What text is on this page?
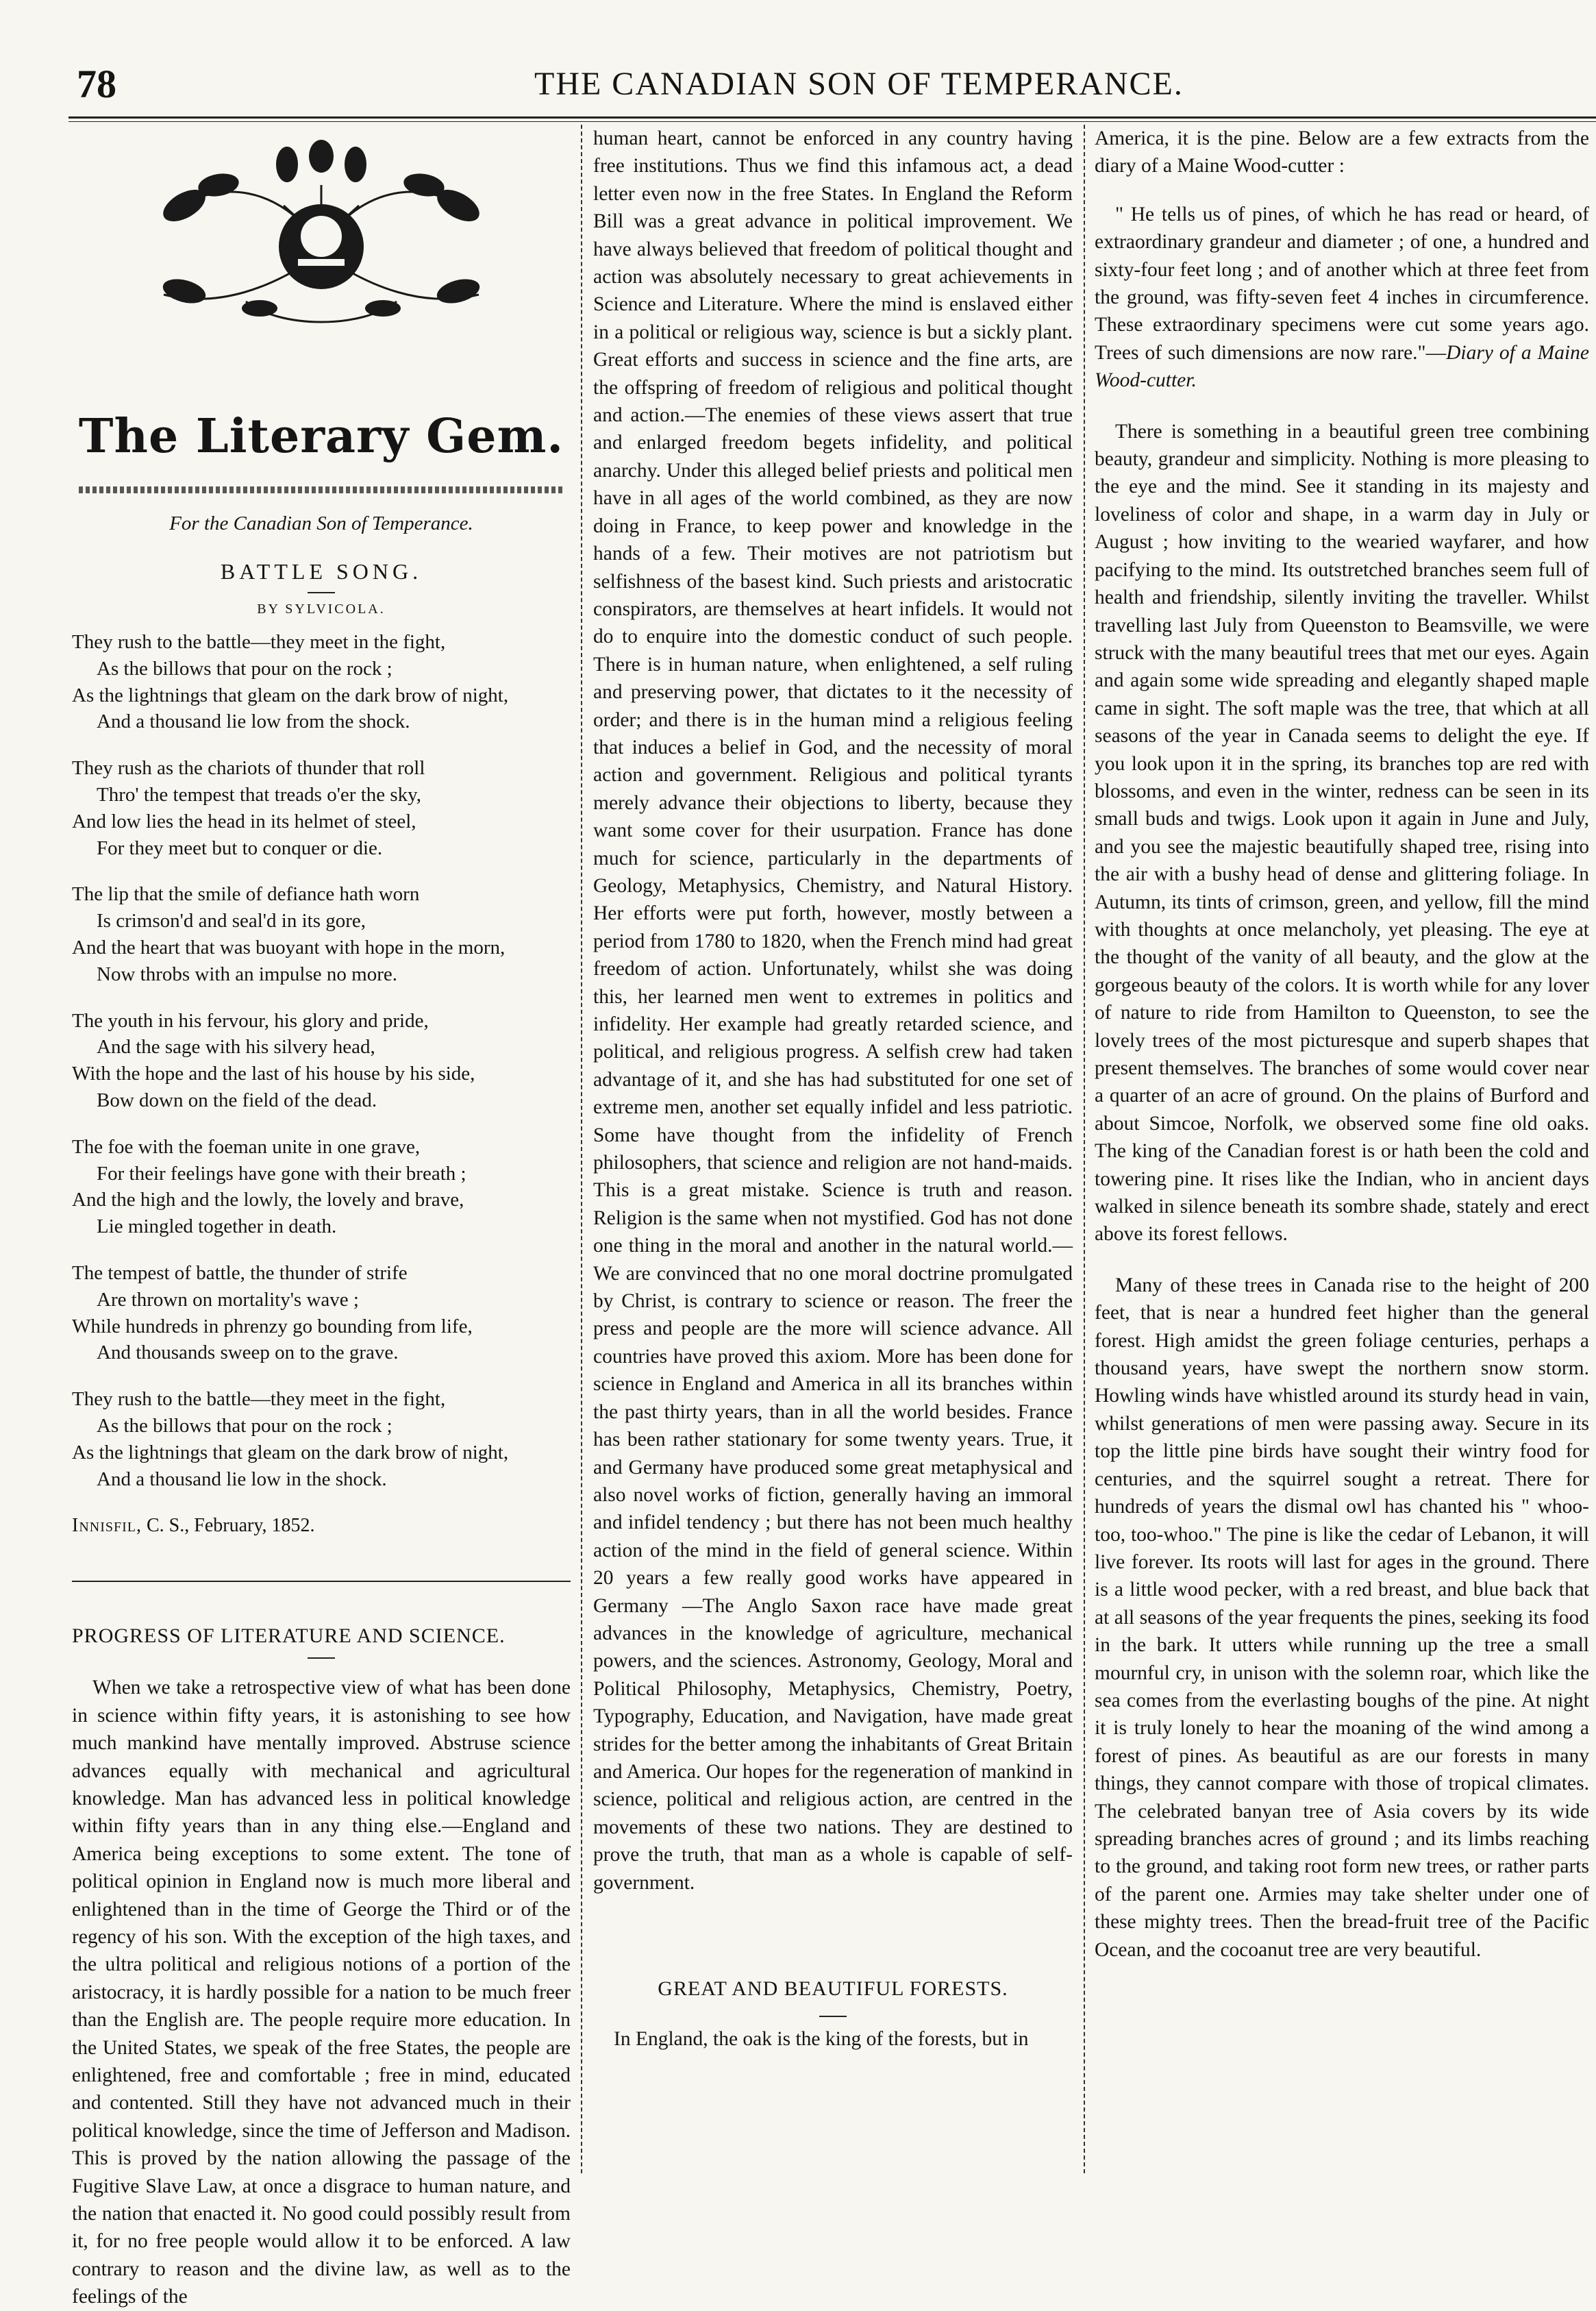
78	THE CANADIAN SON OF TEMPERANCE.
The Literary Gem.
For the Canadian Son of Temperance.
BATTLE SONG.
BY SYLVICOLA.
They rush to the battle—they meet in the fight,
As the billows that pour on the rock ;
As the lightnings that gleam on the dark brow of night,
And a thousand lie low from the shock.
They rush as the chariots of thunder that roll
Thro' the tempest that treads o'er the sky,
And low lies the head in its helmet of steel,
For they meet but to conquer or die.
The lip that the smile of defiance hath worn
Is crimson'd and seal'd in its gore,
And the heart that was buoyant with hope in the morn,
Now throbs with an impulse no more.
The youth in his fervour, his glory and pride,
And the sage with his silvery head,
With the hope and the last of his house by his side,
Bow down on the field of the dead.
The foe with the foeman unite in one grave,
For their feelings have gone with their breath ;
And the high and the lowly, the lovely and brave,
Lie mingled together in death.
The tempest of battle, the thunder of strife
Are thrown on mortality's wave ;
While hundreds in phrenzy go bounding from life,
And thousands sweep on to the grave.
They rush to the battle—they meet in the fight,
As the billows that pour on the rock ;
As the lightnings that gleam on the dark brow of night,
And a thousand lie low in the shock.
Innisfil, C. S., February, 1852.
PROGRESS OF LITERATURE AND SCIENCE.

When we take a retrospective view of what has been done in science within fifty years, it is astonishing to see how much mankind have mentally improved. Abstruse science advances equally with mechanical and agricultural knowledge. Man has advanced less in political knowledge within fifty years than in any thing else.—England and America being exceptions to some extent. The tone of political opinion in England now is much more liberal and enlightened than in the time of George the Third or of the regency of his son. With the exception of the high taxes, and the ultra political and religious notions of a portion of the aristocracy, it is hardly possible for a nation to be much freer than the English are. The people require more education. In the United States, we speak of the free States, the people are enlightened, free and comfortable ; free in mind, educated and contented. Still they have not advanced much in their political knowledge, since the time of Jefferson and Madison. This is proved by the nation allowing the passage of the Fugitive Slave Law, at once a disgrace to human nature, and the nation that enacted it. No good could possibly result from it, for no free people would allow it to be enforced. A law contrary to reason and the divine law, as well as to the feelings of the

human heart, cannot be enforced in any country having free institutions. Thus we find this infamous act, a dead letter even now in the free States. In England the Reform Bill was a great advance in political improvement. We have always believed that freedom of political thought and action was absolutely necessary to great achievements in Science and Literature. Where the mind is enslaved either in a political or religious way, science is but a sickly plant. Great efforts and success in science and the fine arts, are the offspring of freedom of religious and political thought and action.—The enemies of these views assert that true and enlarged freedom begets infidelity, and political anarchy. Under this alleged belief priests and political men have in all ages of the world combined, as they are now doing in France, to keep power and knowledge in the hands of a few. Their motives are not patriotism but selfishness of the basest kind. Such priests and aristocratic conspirators, are themselves at heart infidels. It would not do to enquire into the domestic conduct of such people. There is in human nature, when enlightened, a self ruling and preserving power, that dictates to it the necessity of order; and there is in the human mind a religious feeling that induces a belief in God, and the necessity of moral action and government. Religious and political tyrants merely advance their objections to liberty, because they want some cover for their usurpation. France has done much for science, particularly in the departments of Geology, Metaphysics, Chemistry, and Natural History. Her efforts were put forth, however, mostly between a period from 1780 to 1820, when the French mind had great freedom of action. Unfortunately, whilst she was doing this, her learned men went to extremes in politics and infidelity. Her example had greatly retarded science, and political, and religious progress. A selfish crew had taken advantage of it, and she has had substituted for one set of extreme men, another set equally infidel and less patriotic. Some have thought from the infidelity of French philosophers, that science and religion are not hand-maids. This is a great mistake. Science is truth and reason. Religion is the same when not mystified. God has not done one thing in the moral and another in the natural world.—We are convinced that no one moral doctrine promulgated by Christ, is contrary to science or reason. The freer the press and people are the more will science advance. All countries have proved this axiom. More has been done for science in England and America in all its branches within the past thirty years, than in all the world besides. France has been rather stationary for some twenty years. True, it and Germany have produced some great metaphysical and also novel works of fiction, generally having an immoral and infidel tendency ; but there has not been much healthy action of the mind in the field of general science. Within 20 years a few really good works have appeared in Germany —The Anglo Saxon race have made great advances in the knowledge of agriculture, mechanical powers, and the sciences. Astronomy, Geology, Moral and Political Philosophy, Metaphysics, Chemistry, Poetry, Typography, Education, and Navigation, have made great strides for the better among the inhabitants of Great Britain and America. Our hopes for the regeneration of mankind in science, political and religious action, are centred in the movements of these two nations. They are destined to prove the truth, that man as a whole is capable of self-government.

GREAT AND BEAUTIFUL FORESTS.

In England, the oak is the king of the forests, but in

America, it is the pine. Below are a few extracts from the diary of a Maine Wood-cutter :

" He tells us of pines, of which he has read or heard, of extraordinary grandeur and diameter ; of one, a hundred and sixty-four feet long ; and of another which at three feet from the ground, was fifty-seven feet 4 inches in circumference. These extraordinary specimens were cut some years ago. Trees of such dimensions are now rare."—Diary of a Maine Wood-cutter.

There is something in a beautiful green tree combining beauty, grandeur and simplicity. Nothing is more pleasing to the eye and the mind. See it standing in its majesty and loveliness of color and shape, in a warm day in July or August ; how inviting to the wearied wayfarer, and how pacifying to the mind. Its outstretched branches seem full of health and friendship, silently inviting the traveller. Whilst travelling last July from Queenston to Beamsville, we were struck with the many beautiful trees that met our eyes. Again and again some wide spreading and elegantly shaped maple came in sight. The soft maple was the tree, that which at all seasons of the year in Canada seems to delight the eye. If you look upon it in the spring, its branches top are red with blossoms, and even in the winter, redness can be seen in its small buds and twigs. Look upon it again in June and July, and you see the majestic beautifully shaped tree, rising into the air with a bushy head of dense and glittering foliage. In Autumn, its tints of crimson, green, and yellow, fill the mind with thoughts at once melancholy, yet pleasing. The eye at the thought of the vanity of all beauty, and the glow at the gorgeous beauty of the colors. It is worth while for any lover of nature to ride from Hamilton to Queenston, to see the lovely trees of the most picturesque and superb shapes that present themselves. The branches of some would cover near a quarter of an acre of ground. On the plains of Burford and about Simcoe, Norfolk, we observed some fine old oaks. The king of the Canadian forest is or hath been the cold and towering pine. It rises like the Indian, who in ancient days walked in silence beneath its sombre shade, stately and erect above its forest fellows.

Many of these trees in Canada rise to the height of 200 feet, that is near a hundred feet higher than the general forest. High amidst the green foliage centuries, perhaps a thousand years, have swept the northern snow storm. Howling winds have whistled around its sturdy head in vain, whilst generations of men were passing away. Secure in its top the little pine birds have sought their wintry food for centuries, and the squirrel sought a retreat. There for hundreds of years the dismal owl has chanted his " whoo-too, too-whoo." The pine is like the cedar of Lebanon, it will live forever. Its roots will last for ages in the ground. There is a little wood pecker, with a red breast, and blue back that at all seasons of the year frequents the pines, seeking its food in the bark. It utters while running up the tree a small mournful cry, in unison with the solemn roar, which like the sea comes from the everlasting boughs of the pine. At night it is truly lonely to hear the moaning of the wind among a forest of pines. As beautiful as are our forests in many things, they cannot compare with those of tropical climates. The celebrated banyan tree of Asia covers by its wide spreading branches acres of ground ; and its limbs reaching to the ground, and taking root form new trees, or rather parts of the parent one. Armies may take shelter under one of these mighty trees. Then the bread-fruit tree of the Pacific Ocean, and the cocoanut tree are very beautiful.
